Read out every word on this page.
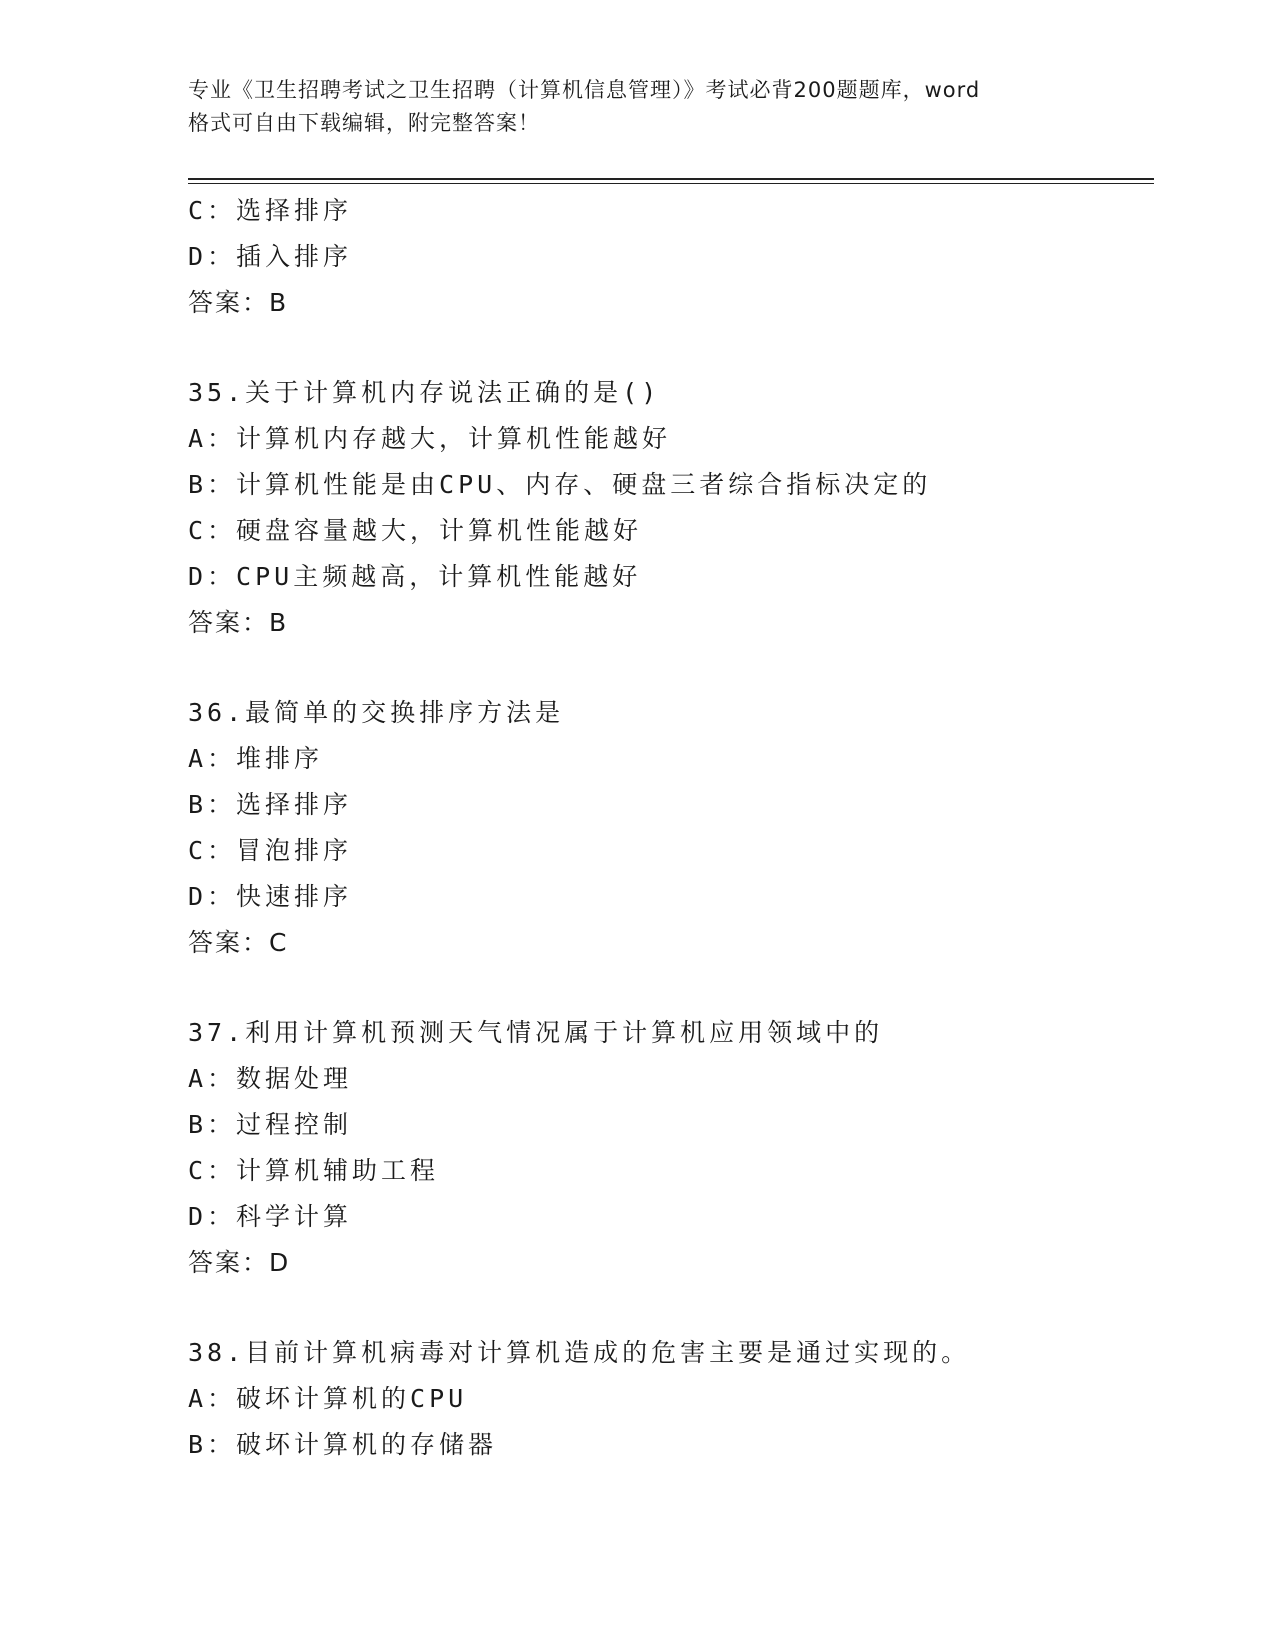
专业《卫生招聘考试之卫生招聘（计算机信息管理）》考试必背200题题库，word
格式可自由下载编辑，附完整答案！
C：选择排序
D：插入排序
答案：B
35.关于计算机内存说法正确的是()
A：计算机内存越大，计算机性能越好
B：计算机性能是由CPU、内存、硬盘三者综合指标决定的
C：硬盘容量越大，计算机性能越好
D：CPU主频越高，计算机性能越好
答案：B
36.最简单的交换排序方法是
A：堆排序
B：选择排序
C：冒泡排序
D：快速排序
答案：C
37.利用计算机预测天气情况属于计算机应用领域中的
A：数据处理
B：过程控制
C：计算机辅助工程
D：科学计算
答案：D
38.目前计算机病毒对计算机造成的危害主要是通过实现的。
A：破坏计算机的CPU
B：破坏计算机的存储器
